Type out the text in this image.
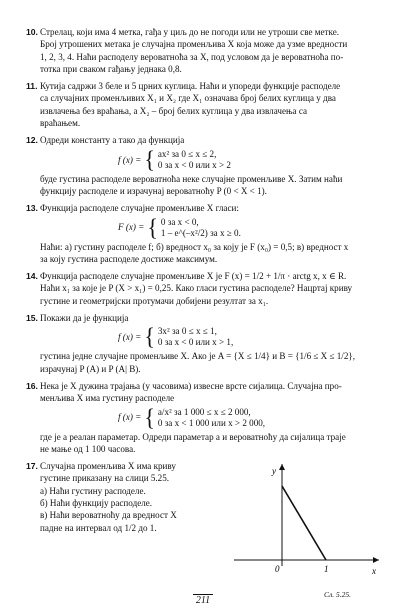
10. Стрелац, који има 4 метка, гађа у циљ до не погоди или не утроши све метке.
Број утрошених метака је случајна променљива X која може да узме вредности
1, 2, 3, 4. Наћи расподелу вероватноћа за X, под условом да је вероватноћа по-
тотка при сваком гађању једнака 0,8.
11. Кутија садржи 3 беле и 5 црних куглица. Наћи и упореди функције расподеле
са случајних променљивих X₁ и X₂ где X₁ означава број белих куглица у два
извлачења без враћања, а X₂ – број белих куглица у два извлачења са
враћањем.
12. Одреди константу a тако да функција
f (x) = { ax² за 0 ≤ x ≤ 2,
0 за x < 0 или x > 2
буде густина расподеле вероватноћа неке случајне променљиве X. Затим наћи
функцију расподеле и израчунај вероватноћу P (0 < X < 1).
13. Функција расподеле случајне променљиве X гласи:
F (x) = { 0 за x < 0,
1 – e^(–x²/2) за x ≥ 0.
Наћи: а) густину расподеле f; б) вредност x₀ за коју је F (x₀) = 0,5; в) вредност x
за коју густина расподеле достиже максимум.
14. Функција расподеле случајне променљиве X је F (x) = 1/2 + 1/π · arctg x, x ∈ R.
Наћи x₁ за које је P (X > x₁) = 0,25. Како гласи густина расподеле? Нацртај криву
густине и геометријски протумачи добијени резултат за x₁.
15. Покажи да је функција
f (x) = { 3x² за 0 ≤ x ≤ 1,
0 за x < 0 или x > 1,
густина једне случајне променљиве X. Ако је A = {X ≤ 1/4} и B = {1/6 ≤ X ≤ 1/2},
израчунај P (A) и P (A| B).
16. Нека је X дужина трајања (у часовима) извесне врсте сијалица. Случајна про-
менљива X има густину расподеле
f (x) = { a/x² за 1 000 ≤ x ≤ 2 000,
0 за x < 1 000 или x > 2 000,
где је a реалан параметар. Одреди параметар a и вероватноћу да сијалица траје
не мање од 1 100 часова.
17. Случајна променљива X има криву
густине приказану на слици 5.25.
а) Наћи густину расподеле.
б) Наћи функцију расподеле.
в) Наћи вероватноћу да вредност X
падне на интервал од 1/2 до 1.
y
x
0	1
Сл. 5.25.
211
